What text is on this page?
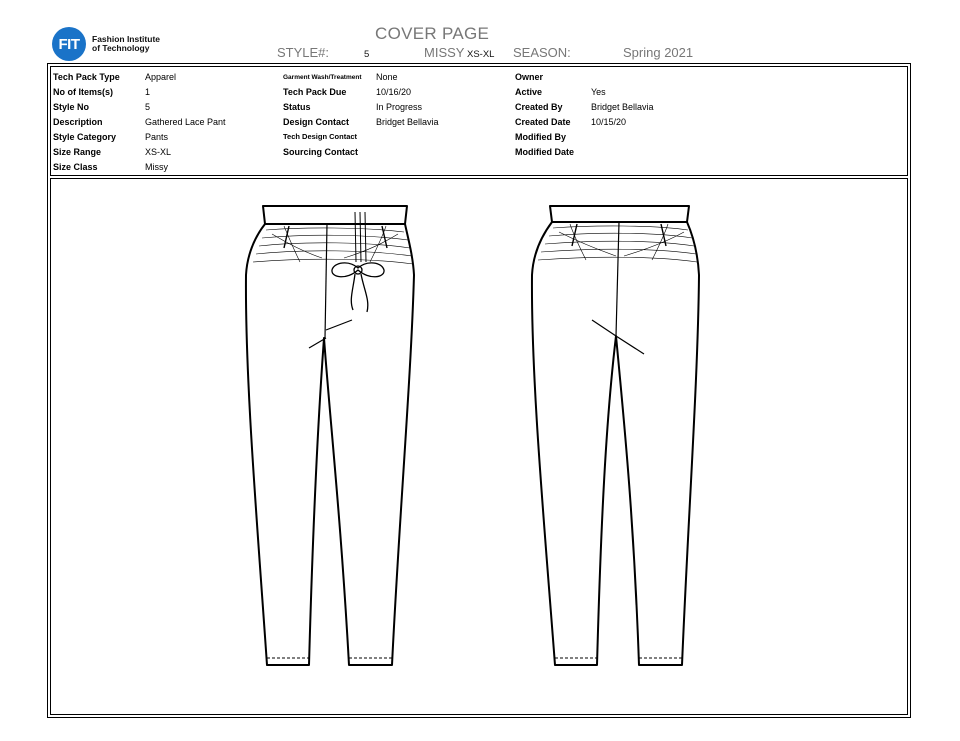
FIT	Fashion Institute
of Technology
COVER PAGE
STYLE#:	5	MISSY XS-XL SEASON:	Spring 2021
Tech Pack Type	Apparel
No of Items(s)	1
Style No	5
Description	Gathered Lace Pant
Style Category	Pants
Size Range	XS-XL
Size Class	Missy
Garment Wash/Treatment None
Tech Pack Due	10/16/20
Status	In Progress
Design Contact	Bridget Bellavia
Tech Design Contact
Sourcing Contact
Owner
Active	Yes
Created By	Bridget Bellavia
Created Date 10/15/20
Modified By
Modified Date
